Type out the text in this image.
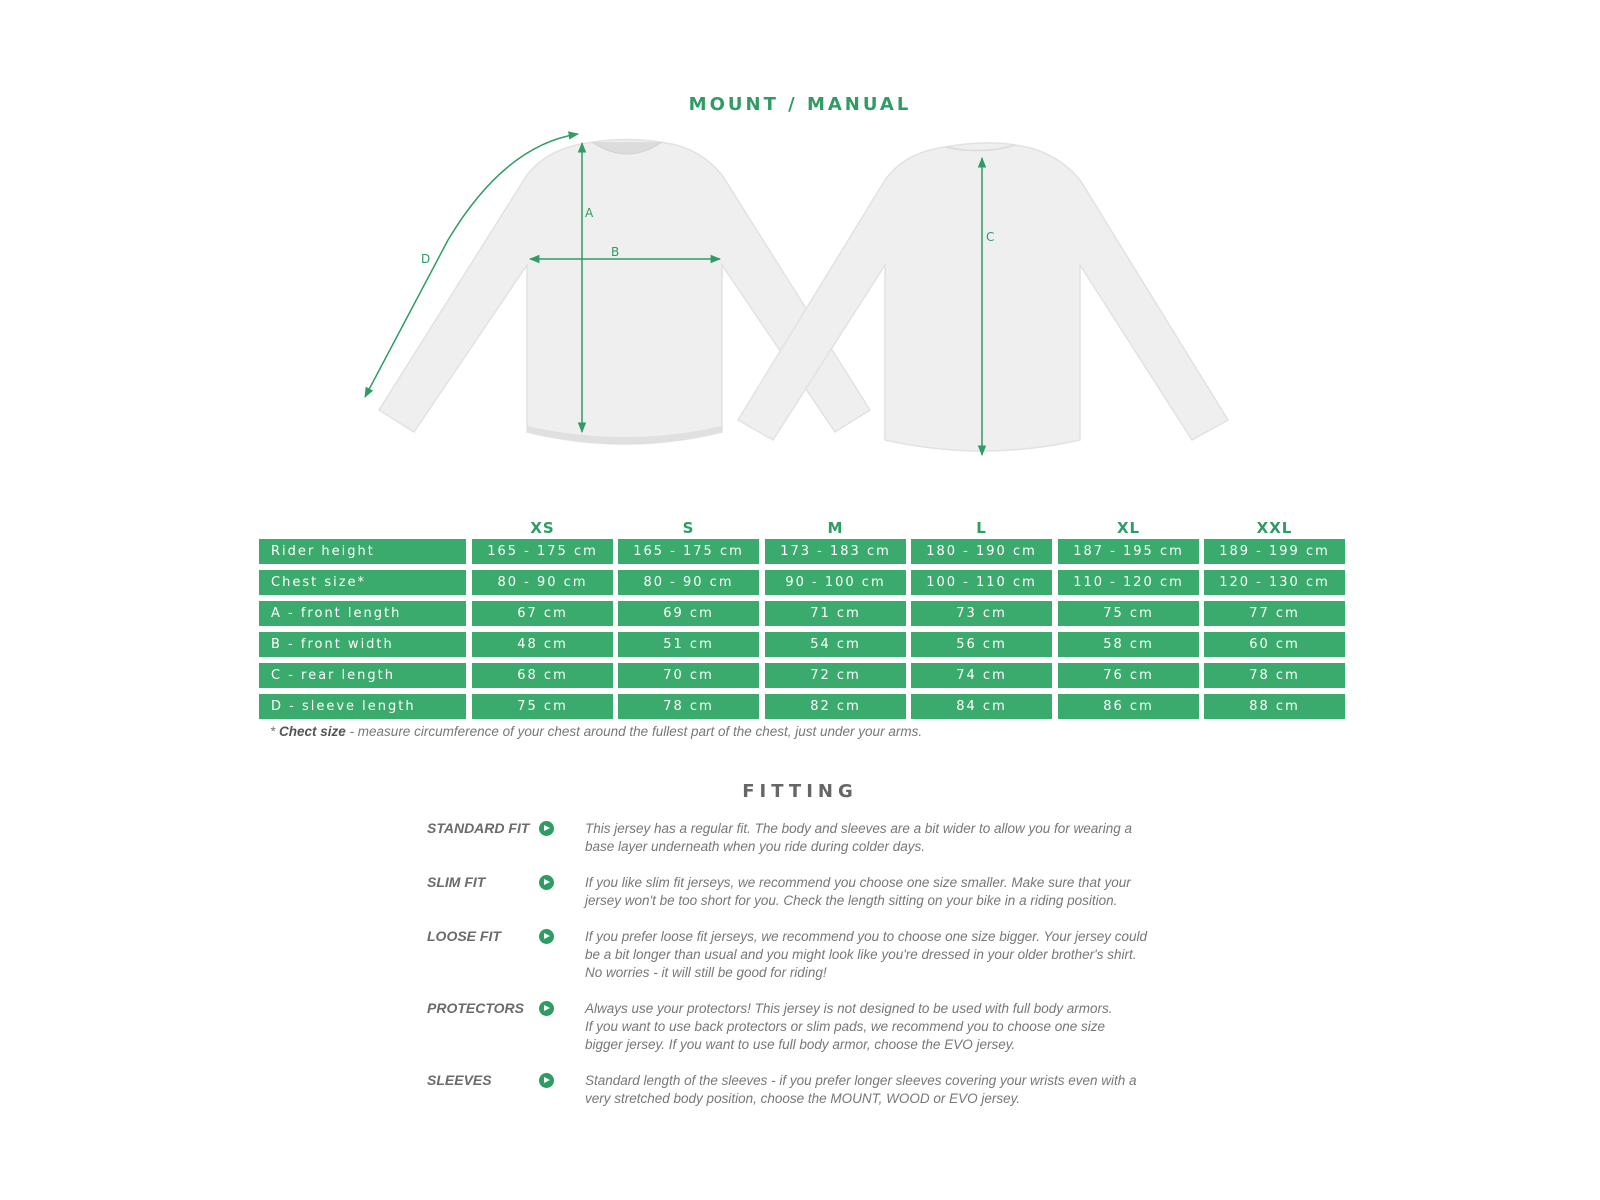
MOUNT / MANUAL
A
B
C
D
XS	S	M	L	XL	XXL
Rider height	165 - 175 cm	165 - 175 cm	173 - 183 cm	180 - 190 cm	187 - 195 cm	189 - 199 cm
Chest size*	80 - 90 cm	80 - 90 cm	90 - 100 cm	100 - 110 cm	110 - 120 cm	120 - 130 cm
A - front length	67 cm	69 cm	71 cm	73 cm	75 cm	77 cm
B - front width	48 cm	51 cm	54 cm	56 cm	58 cm	60 cm
C - rear length	68 cm	70 cm	72 cm	74 cm	76 cm	78 cm
D - sleeve length	75 cm	78 cm	82 cm	84 cm	86 cm	88 cm
* Chect size - measure circumference of your chest around the fullest part of the chest, just under your arms.
FITTING
STANDARD FIT	This jersey has a regular fit. The body and sleeves are a bit wider to allow you for wearing a
base layer underneath when you ride during colder days.
SLIM FIT	If you like slim fit jerseys, we recommend you choose one size smaller. Make sure that your
jersey won't be too short for you. Check the length sitting on your bike in a riding position.
LOOSE FIT	If you prefer loose fit jerseys, we recommend you to choose one size bigger. Your jersey could
be a bit longer than usual and you might look like you're dressed in your older brother's shirt.
No worries - it will still be good for riding!
PROTECTORS	Always use your protectors! This jersey is not designed to be used with full body armors.
If you want to use back protectors or slim pads, we recommend you to choose one size
bigger jersey. If you want to use full body armor, choose the EVO jersey.
SLEEVES	Standard length of the sleeves - if you prefer longer sleeves covering your wrists even with a
very stretched body position, choose the MOUNT, WOOD or EVO jersey.
